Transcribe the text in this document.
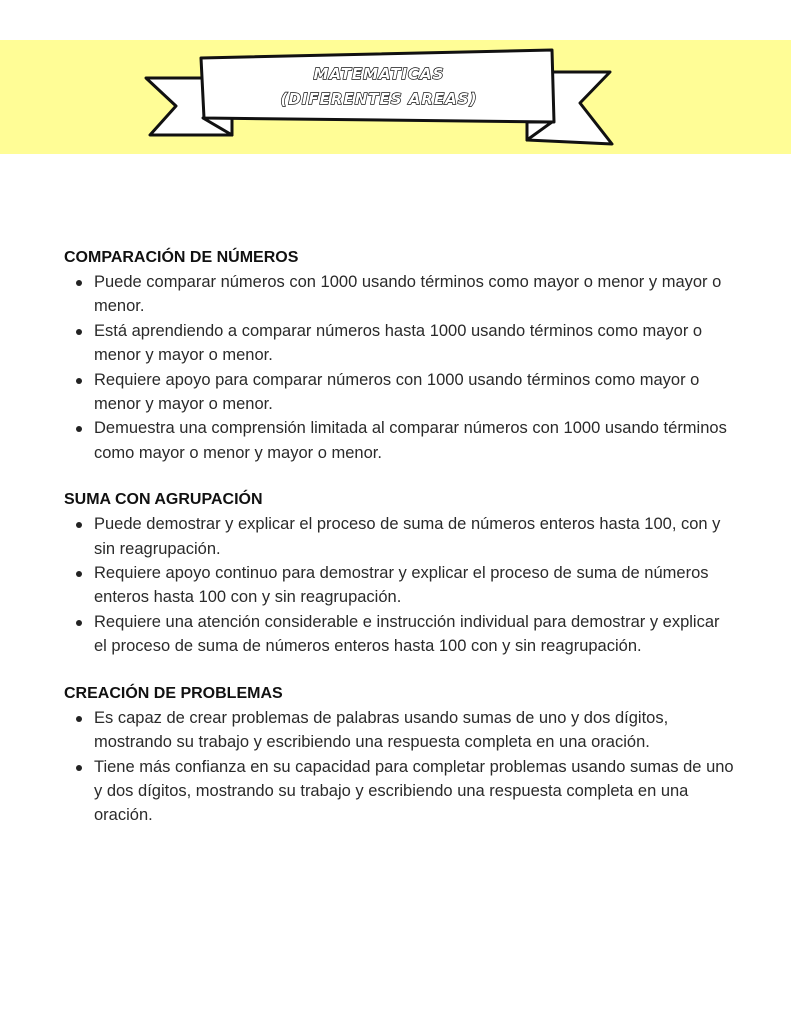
MATEMATICAS
(DIFERENTES AREAS)
COMPARACIÓN DE NÚMEROS
Puede comparar números con 1000 usando términos como mayor o menor y mayor o menor.
Está aprendiendo a comparar números hasta 1000 usando términos como mayor o menor y mayor o menor.
Requiere apoyo para comparar números con 1000 usando términos como mayor o menor y mayor o menor.
Demuestra una comprensión limitada al comparar números con 1000 usando términos como mayor o menor y mayor o menor.
SUMA CON AGRUPACIÓN
Puede demostrar y explicar el proceso de suma de números enteros hasta 100, con y sin reagrupación.
Requiere apoyo continuo para demostrar y explicar el proceso de suma de números enteros hasta 100 con y sin reagrupación.
Requiere una atención considerable e instrucción individual para demostrar y explicar el proceso de suma de números enteros hasta 100 con y sin reagrupación.
CREACIÓN DE PROBLEMAS
Es capaz de crear problemas de palabras usando sumas de uno y dos dígitos, mostrando su trabajo y escribiendo una respuesta completa en una oración.
Tiene más confianza en su capacidad para completar problemas usando sumas de uno y dos dígitos, mostrando su trabajo y escribiendo una respuesta completa en una oración.
